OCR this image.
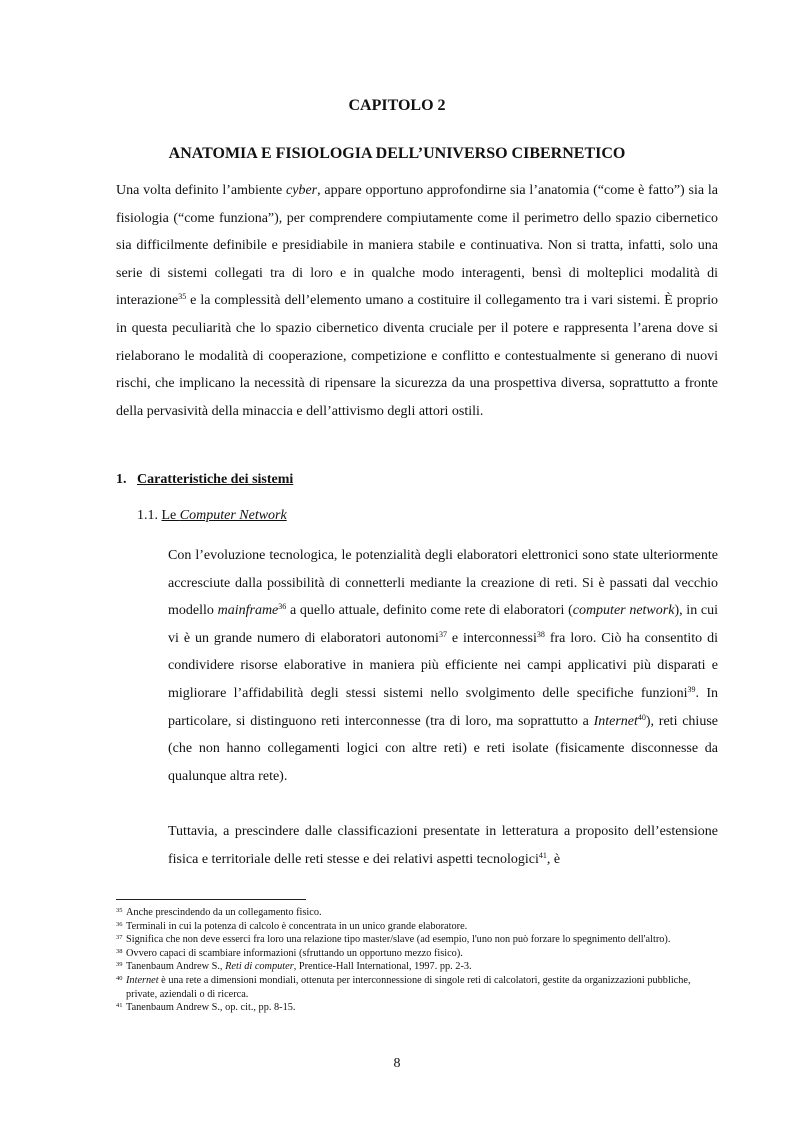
CAPITOLO 2
ANATOMIA E FISIOLOGIA DELL’UNIVERSO CIBERNETICO
Una volta definito l’ambiente cyber, appare opportuno approfondirne sia l’anatomia (“come è fatto”) sia la fisiologia (“come funziona”), per comprendere compiutamente come il perimetro dello spazio cibernetico sia difficilmente definibile e presidiabile in maniera stabile e continuativa. Non si tratta, infatti, solo una serie di sistemi collegati tra di loro e in qualche modo interagenti, bensì di molteplici modalità di interazione$^{35}$ e la complessità dell’elemento umano a costituire il collegamento tra i vari sistemi. È proprio in questa peculiarità che lo spazio cibernetico diventa cruciale per il potere e rappresenta l’arena dove si rielaborano le modalità di cooperazione, competizione e conflitto e contestualmente si generano di nuovi rischi, che implicano la necessità di ripensare la sicurezza da una prospettiva diversa, soprattutto a fronte della pervasività della minaccia e dell’attivismo degli attori ostili.
1. Caratteristiche dei sistemi
1.1. Le Computer Network
Con l’evoluzione tecnologica, le potenzialità degli elaboratori elettronici sono state ulteriormente accresciute dalla possibilità di connetterli mediante la creazione di reti. Si è passati dal vecchio modello mainframe$^{36}$ a quello attuale, definito come rete di elaboratori (computer network), in cui vi è un grande numero di elaboratori autonomi$^{37}$ e interconnessi$^{38}$ fra loro. Ciò ha consentito di condividere risorse elaborative in maniera più efficiente nei campi applicativi più disparati e migliorare l’affidabilità degli stessi sistemi nello svolgimento delle specifiche funzioni$^{39}$. In particolare, si distinguono reti interconnesse (tra di loro, ma soprattutto a Internet$^{40}$), reti chiuse (che non hanno collegamenti logici con altre reti) e reti isolate (fisicamente disconnesse da qualunque altra rete).
Tuttavia, a prescindere dalle classificazioni presentate in letteratura a proposito dell’estensione fisica e territoriale delle reti stesse e dei relativi aspetti tecnologici$^{41}$, è
35 Anche prescindendo da un collegamento fisico.
36 Terminali in cui la potenza di calcolo è concentrata in un unico grande elaboratore.
37 Significa che non deve esserci fra loro una relazione tipo master/slave (ad esempio, l'uno non può forzare lo spegnimento dell'altro).
38 Ovvero capaci di scambiare informazioni (sfruttando un opportuno mezzo fisico).
39 Tanenbaum Andrew S., Reti di computer, Prentice-Hall International, 1997. pp. 2-3.
40 Internet è una rete a dimensioni mondiali, ottenuta per interconnessione di singole reti di calcolatori, gestite da organizzazioni pubbliche, private, aziendali o di ricerca.
41 Tanenbaum Andrew S., op. cit., pp. 8-15.
8
